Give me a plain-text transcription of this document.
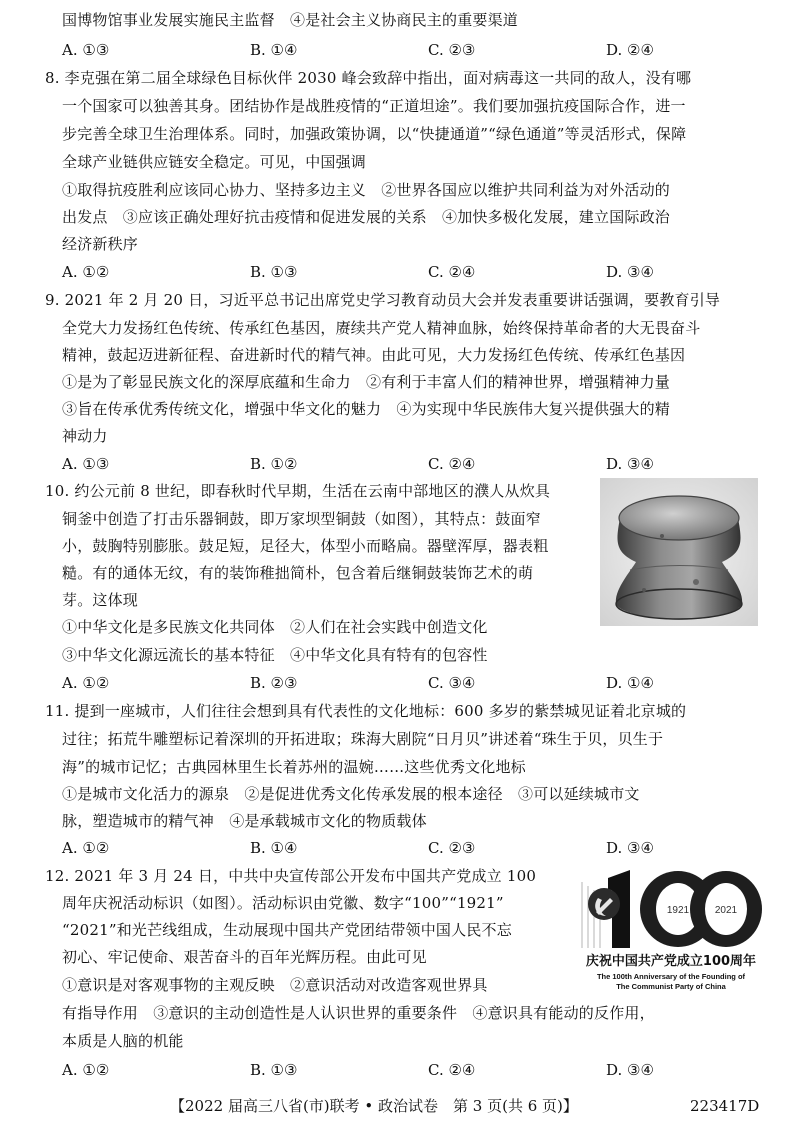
国博物馆事业发展实施民主监督　④是社会主义协商民主的重要渠道
A. ①③	B. ①④	C. ②③	D. ②④
8. 李克强在第二届全球绿色目标伙伴 2030 峰会致辞中指出，面对病毒这一共同的敌人，没有哪
一个国家可以独善其身。团结协作是战胜疫情的“正道坦途”。我们要加强抗疫国际合作，进一
步完善全球卫生治理体系。同时，加强政策协调，以“快捷通道”“绿色通道”等灵活形式，保障
全球产业链供应链安全稳定。可见，中国强调
①取得抗疫胜利应该同心协力、坚持多边主义　②世界各国应以维护共同利益为对外活动的
出发点　③应该正确处理好抗击疫情和促进发展的关系　④加快多极化发展，建立国际政治
经济新秩序
A. ①②	B. ①③	C. ②④	D. ③④
9. 2021 年 2 月 20 日，习近平总书记出席党史学习教育动员大会并发表重要讲话强调，要教育引导
全党大力发扬红色传统、传承红色基因，赓续共产党人精神血脉，始终保持革命者的大无畏奋斗
精神，鼓起迈进新征程、奋进新时代的精气神。由此可见，大力发扬红色传统、传承红色基因
①是为了彰显民族文化的深厚底蕴和生命力　②有利于丰富人们的精神世界，增强精神力量
③旨在传承优秀传统文化，增强中华文化的魅力　④为实现中华民族伟大复兴提供强大的精
神动力
A. ①③	B. ①②	C. ②④	D. ③④
10. 约公元前 8 世纪，即春秋时代早期，生活在云南中部地区的濮人从炊具
铜釜中创造了打击乐器铜鼓，即万家坝型铜鼓（如图），其特点：鼓面窄
小，鼓胸特别膨胀。鼓足短，足径大，体型小而略扁。器壁浑厚，器表粗
糙。有的通体无纹，有的装饰稚拙简朴，包含着后继铜鼓装饰艺术的萌
芽。这体现
①中华文化是多民族文化共同体　②人们在社会实践中创造文化
③中华文化源远流长的基本特征　④中华文化具有特有的包容性
A. ①②	B. ②③	C. ③④	D. ①④
11. 提到一座城市，人们往往会想到具有代表性的文化地标：600 多岁的紫禁城见证着北京城的
过往；拓荒牛雕塑标记着深圳的开拓进取；珠海大剧院“日月贝”讲述着“珠生于贝，贝生于
海”的城市记忆；古典园林里生长着苏州的温婉……这些优秀文化地标
①是城市文化活力的源泉　②是促进优秀文化传承发展的根本途径　③可以延续城市文
脉，塑造城市的精气神　④是承载城市文化的物质载体
A. ①②	B. ①④	C. ②③	D. ③④
12. 2021 年 3 月 24 日，中共中央宣传部公开发布中国共产党成立 100
周年庆祝活动标识（如图）。活动标识由党徽、数字“100”“1921”
“2021”和光芒线组成，生动展现中国共产党团结带领中国人民不忘
初心、牢记使命、艰苦奋斗的百年光辉历程。由此可见
①意识是对客观事物的主观反映　②意识活动对改造客观世界具
有指导作用　③意识的主动创造性是人认识世界的重要条件　④意识具有能动的反作用，
本质是人脑的机能
A. ①②	B. ①③	C. ②④	D. ③④
1921	2021
庆祝中国共产党成立100周年
The 100th Anniversary of the Founding of
The Communist Party of China
【2022 届高三八省(市)联考 • 政治试卷　第 3 页(共 6 页)】	223417D
